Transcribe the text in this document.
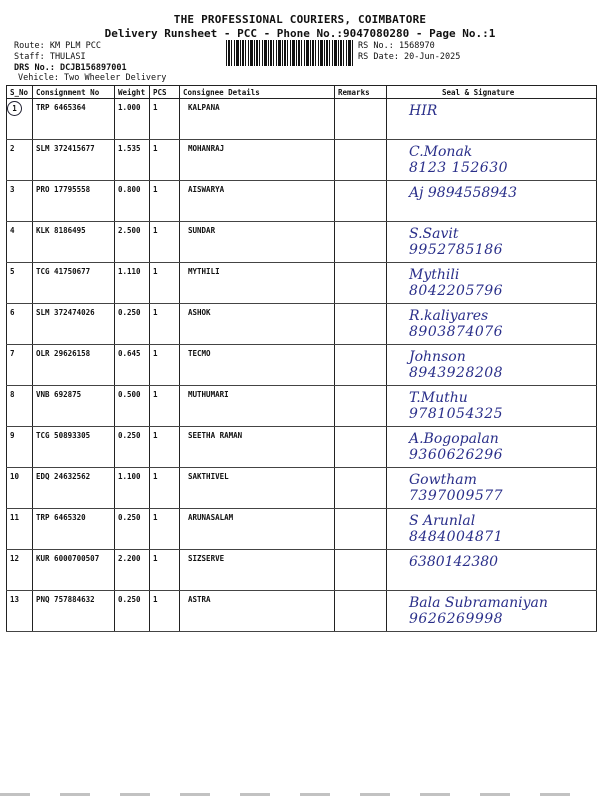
THE PROFESSIONAL COURIERS, COIMBATORE
Delivery Runsheet - PCC - Phone No.:9047080280 - Page No.:1
Route: KM PLM PCC
Staff: THULASI
DRS No.: DCJB156897001
Vehicle: Two Wheeler Delivery
RS No.: 1568970
RS Date: 20-Jun-2025
S_No	Consignment No	Weight	PCS	Consignee Details	Remarks	Seal & Signature
1	TRP 6465364	1.000	1	KALPANA		HIR

2	SLM 372415677	1.535	1	MOHANRAJ		C.Monak
8123 152630

3	PRO 17795558	0.800	1	AISWARYA		Aj 9894558943

4	KLK 8186495	2.500	1	SUNDAR		S.Savit
9952785186

5	TCG 41750677	1.110	1	MYTHILI		Mythili
8042205796

6	SLM 372474026	0.250	1	ASHOK		R.kaliyares
8903874076

7	OLR 29626158	0.645	1	TECMO		Johnson
8943928208

8	VNB 692875	0.500	1	MUTHUMARI		T.Muthu
9781054325

9	TCG 50893305	0.250	1	SEETHA RAMAN		A.Bogopalan
9360626296

10	EDQ 24632562	1.100	1	SAKTHIVEL		Gowtham
7397009577

11	TRP 6465320	0.250	1	ARUNASALAM		S Arunlal
8484004871

12	KUR 6000700507	2.200	1	SIZSERVE		6380142380

13	PNQ 757884632	0.250	1	ASTRA		Bala Subramaniyan
9626269998
